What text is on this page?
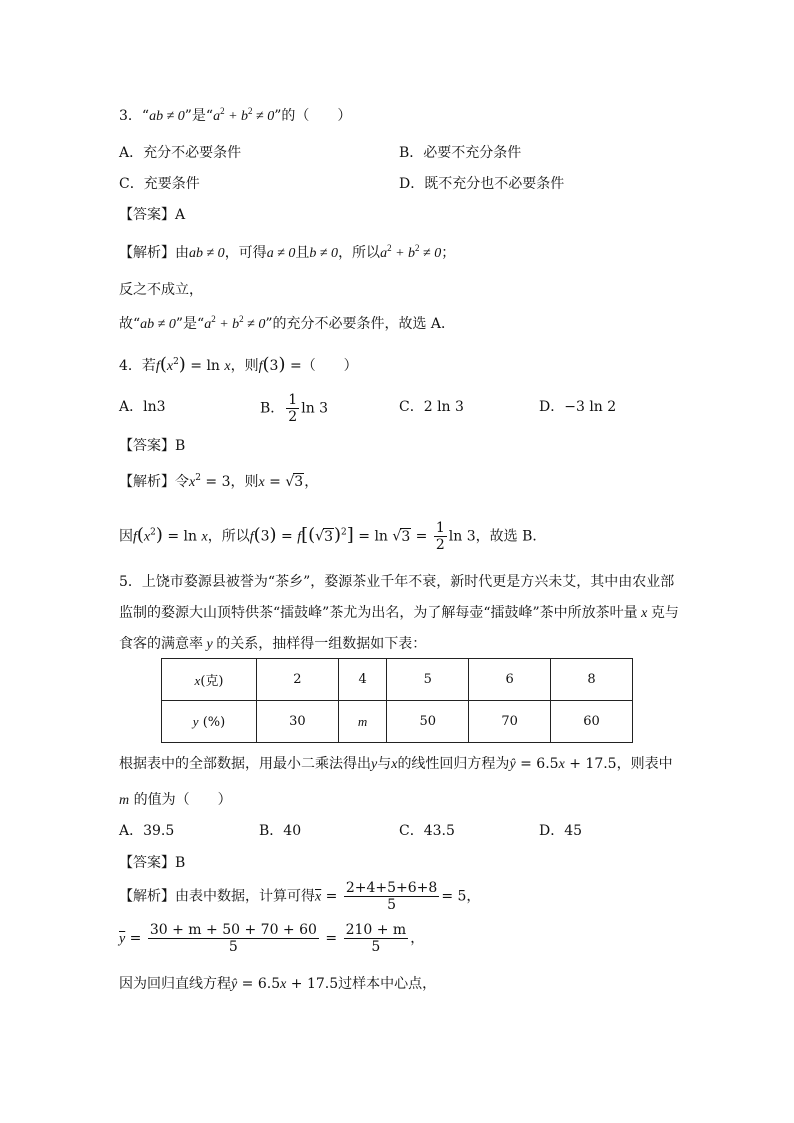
3．“ab ≠ 0”是“$a^2 + b^2 \ne 0$”的（　　）
A．充分不必要条件	B．必要不充分条件
C．充要条件	D．既不充分也不必要条件
【答案】A
【解析】由ab ≠ 0，可得a ≠ 0且b ≠ 0，所以$a^2 + b^2 \ne 0$；
反之不成立，
故“ab ≠ 0”是“$a^2 + b^2 \ne 0$”的充分不必要条件，故选 A．
4．若$f(x^2) = \ln x$，则f(3) =（　　）
A．ln3	B． $\frac{1}{2}$ ln 3	C．2 ln 3	D．−3 ln 2
【答案】B
【解析】令$x^2 = 3$，则x = √3，
因$f(x^2) = \ln x$，所以$f(3) = f[(√3)^2] = \ln √3 = \frac{1}{2}$ ln 3，故选 B．
5．上饶市婺源县被誉为“茶乡”，婺源茶业千年不衰，新时代更是方兴未艾，其中由农业部
监制的婺源大山顶特供茶“擂鼓峰”茶尤为出名，为了解每壶“擂鼓峰”茶中所放茶叶量 x 克与
食客的满意率 y 的关系，抽样得一组数据如下表：
x(克)	2	4	5	6	8
y (%)	30	m	50	70	60
根据表中的全部数据，用最小二乘法得出y与x的线性回归方程为ŷ = 6.5x + 17.5，则表中
m 的值为（　　）
A．39.5	B．40	C．43.5	D．45
【答案】B
【解析】由表中数据，计算可得$\overline{x} = \frac{2+4+5+6+8}{5} = 5$，
$\overline{y} = \frac{30 + m + 50 + 70 + 60}{5} = \frac{210 + m}{5}$ ，
因为回归直线方程ŷ = 6.5x + 17.5过样本中心点，
